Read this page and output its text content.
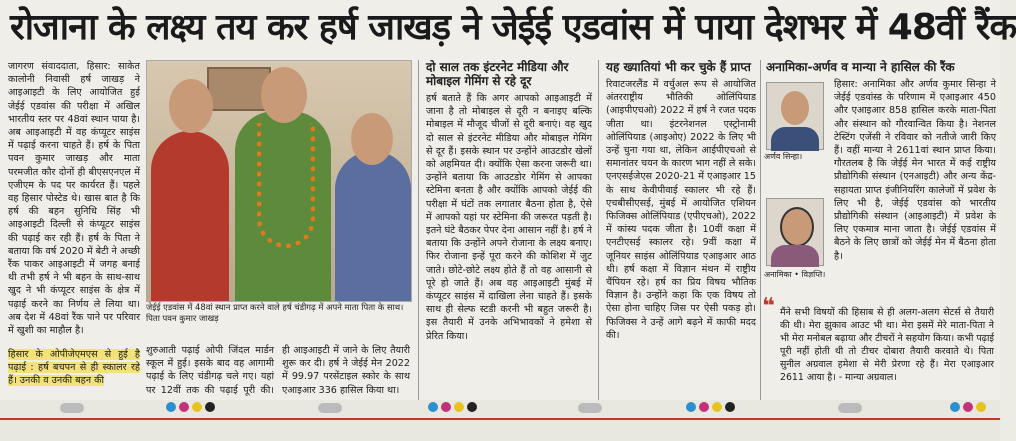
रोजाना के लक्ष्य तय कर हर्ष जाखड़ ने जेईई एडवांस में पाया देशभर में 48वीं रैंक

जागरण संवाददाता, हिसार: साकेत कालोनी निवासी हर्ष जाखड़ ने आइआइटी के लिए आयोजित हुई जेईई एडवांस की परीक्षा में अखिल भारतीय स्तर पर 48वां स्थान पाया है। अब आइआइटी में वह कंप्यूटर साइंस में पढ़ाई करना चाहते हैं। हर्ष के पिता पवन कुमार जाखड़ और माता परमजीत कौर दोनों ही बीएसएनएल में एजीएम के पद पर कार्यरत हैं। पहले वह हिसार पोस्टेड थे। खास बात है कि हर्ष की बहन सुनिधि सिंह भी आइआइटी दिल्ली से कंप्यूटर साइंस की पढ़ाई कर रही हैं। हर्ष के पिता ने बताया कि वर्ष 2020 में बेटी ने अच्छी रैंक पाकर आइआइटी में जगह बनाई थी तभी हर्ष ने भी बहन के साथ-साथ खुद ने भी कंप्यूटर साइंस के क्षेत्र में पढ़ाई करने का निर्णय ले लिया था। अब देश में 48वां रैंक पाने पर परिवार में खुशी का माहौल है।

हिसार के ओपीजेएमएस से हुई है पढ़ाई : हर्ष बचपन से ही स्कालर रहे हैं। उनकी व उनकी बहन की

जेईई एडवांस में 48वां स्थान प्राप्त करने वाले हर्ष चंडीगढ़ में अपने माता पिता के साथ। पिता पवन कुमार जाखड़

शुरुआती पढ़ाई ओपी जिंदल मार्डन स्कूल में हुई। इसके बाद वह आगामी पढ़ाई के लिए चंडीगढ़ चले गए। यहां पर 12वीं तक की पढ़ाई पूरी की।

ही आइआइटी में जाने के लिए तैयारी शुरू कर दी। हर्ष ने जेईई मेन 2022 में 99.97 परसेंटाइल स्कोर के साथ एआइआर 336 हासिल किया था।

दो साल तक इंटरनेट मीडिया और मोबाइल गेमिंग से रहे दूर

हर्ष बताते हैं कि अगर आपको आइआइटी में जाना है तो मोबाइल से दूरी न बनाइए बल्कि मोबाइल में मौजूद चीजों से दूरी बनाएं। वह खुद दो साल से इंटरनेट मीडिया और मोबाइल गेमिंग से दूर हैं। इसके स्थान पर उन्होंने आउटडोर खेलों को अहमियत दी। क्योंकि ऐसा करना जरूरी था। उन्होंने बताया कि आउटडोर गेमिंग से आपका स्टेमिना बनता है और क्योंकि आपको जेईई की परीक्षा में घंटों तक लगातार बैठना होता है, ऐसे में आपको यहां पर स्टेमिना की जरूरत पड़ती है। इतने घंटे बैठकर पेपर देना आसान नहीं है। हर्ष ने बताया कि उन्होंने अपने रोजाना के लक्ष्य बनाए। फिर रोजाना इन्हें पूरा करने की कोशिश में जुट जाते। छोटे-छोटे लक्ष्य होते हैं तो वह आसानी से पूरे हो जाते हैं। अब वह आइआइटी मुंबई में कंप्यूटर साइंस में दाखिला लेना चाहते हैं। इसके साथ ही सेल्फ स्टडी करनी भी बहुत जरूरी है। इस तैयारी में उनके अभिभावकों ने हमेशा से प्रेरित किया।

यह ख्यातियां भी कर चुके हैं प्राप्त

रिवाटजरलैंड में वर्चुअल रूप से आयोजित अंतरराष्ट्रीय भौतिकी ओलिंपियाड (आइपीएचओ) 2022 में हर्ष ने रजत पदक जीता था। इंटरनेशनल एस्ट्रोनामी ओलिंपियाड (आइओए) 2022 के लिए भी उन्हें चुना गया था, लेकिन आईपीएचओ से समानांतर चयन के कारण भाग नहीं ले सके। एनएसईजेएस 2020-21 में एआइआर 15 के साथ केवीपीवाई स्कालर भी रहे हैं। एचबीसीएसई, मुंबई में आयोजित एशियन फिजिक्स ओलिंपियाड (एपीएचओ), 2022 में कांस्य पदक जीता है। 10वीं कक्षा में एनटीएसई स्कालर रहे। 9वीं कक्षा में जूनियर साइंस ओलिंपियाड एआइआर आठ थी। हर्ष कक्षा में विज्ञान मंथन में राष्ट्रीय चैंपियन रहे। हर्ष का प्रिय विषय भौतिक विज्ञान है। उन्होंने कहा कि एक विषय तो ऐसा होना चाहिए जिस पर ऐसी पकड़ हो। फिजिक्स ने उन्हें आगे बढ़ने में काफी मदद की।

अनामिका-अर्णव व मान्या ने हासिल की रैंक
अर्णव सिन्हा।
अनामिका • विज्ञप्ति।

हिसार: अनामिका और अर्णव कुमार सिन्हा ने जेईई एडवांस्ड के परिणाम में एआइआर 450 और एआइआर 858 हासिल करके माता-पिता और संस्थान को गौरवान्वित किया है। नेशनल टेस्टिंग एजेंसी ने रविवार को नतीजे जारी किए हैं। वहीं मान्या ने 2611वां स्थान प्राप्त किया। गौरतलब है कि जेईई मेन भारत में कई राष्ट्रीय प्रौद्योगिकी संस्थान (एनआइटी) और अन्य केंद्र-सहायता प्राप्त इंजीनियरिंग कालेजों में प्रवेश के लिए भी है, जेईई एडवांस को भारतीय प्रौद्योगिकी संस्थान (आइआइटी) में प्रवेश के लिए एकमात्र माना जाता है। जेईई एडवांस में बैठने के लिए छात्रों को जेईई मेन में बैठना होता है।

❝ मैंने सभी विषयों की हिसाब से ही अलग-अलग सेटर्स से तैयारी की थी। मेरा झुकाव आउट भी था। मेरा इसमें मेरे माता-पिता ने भी मेरा मनोबल बढ़ाया और टीचरों ने सहयोग किया। कभी पढ़ाई पूरी नहीं होती थी तो टीचर दोबारा तैयारी करवाते थे। पिता सुनील अग्रवाल हमेशा से मेरी प्रेरणा रहे हैं। मेरा एआइआर 2611 आया है। - मान्या अग्रवाल।
